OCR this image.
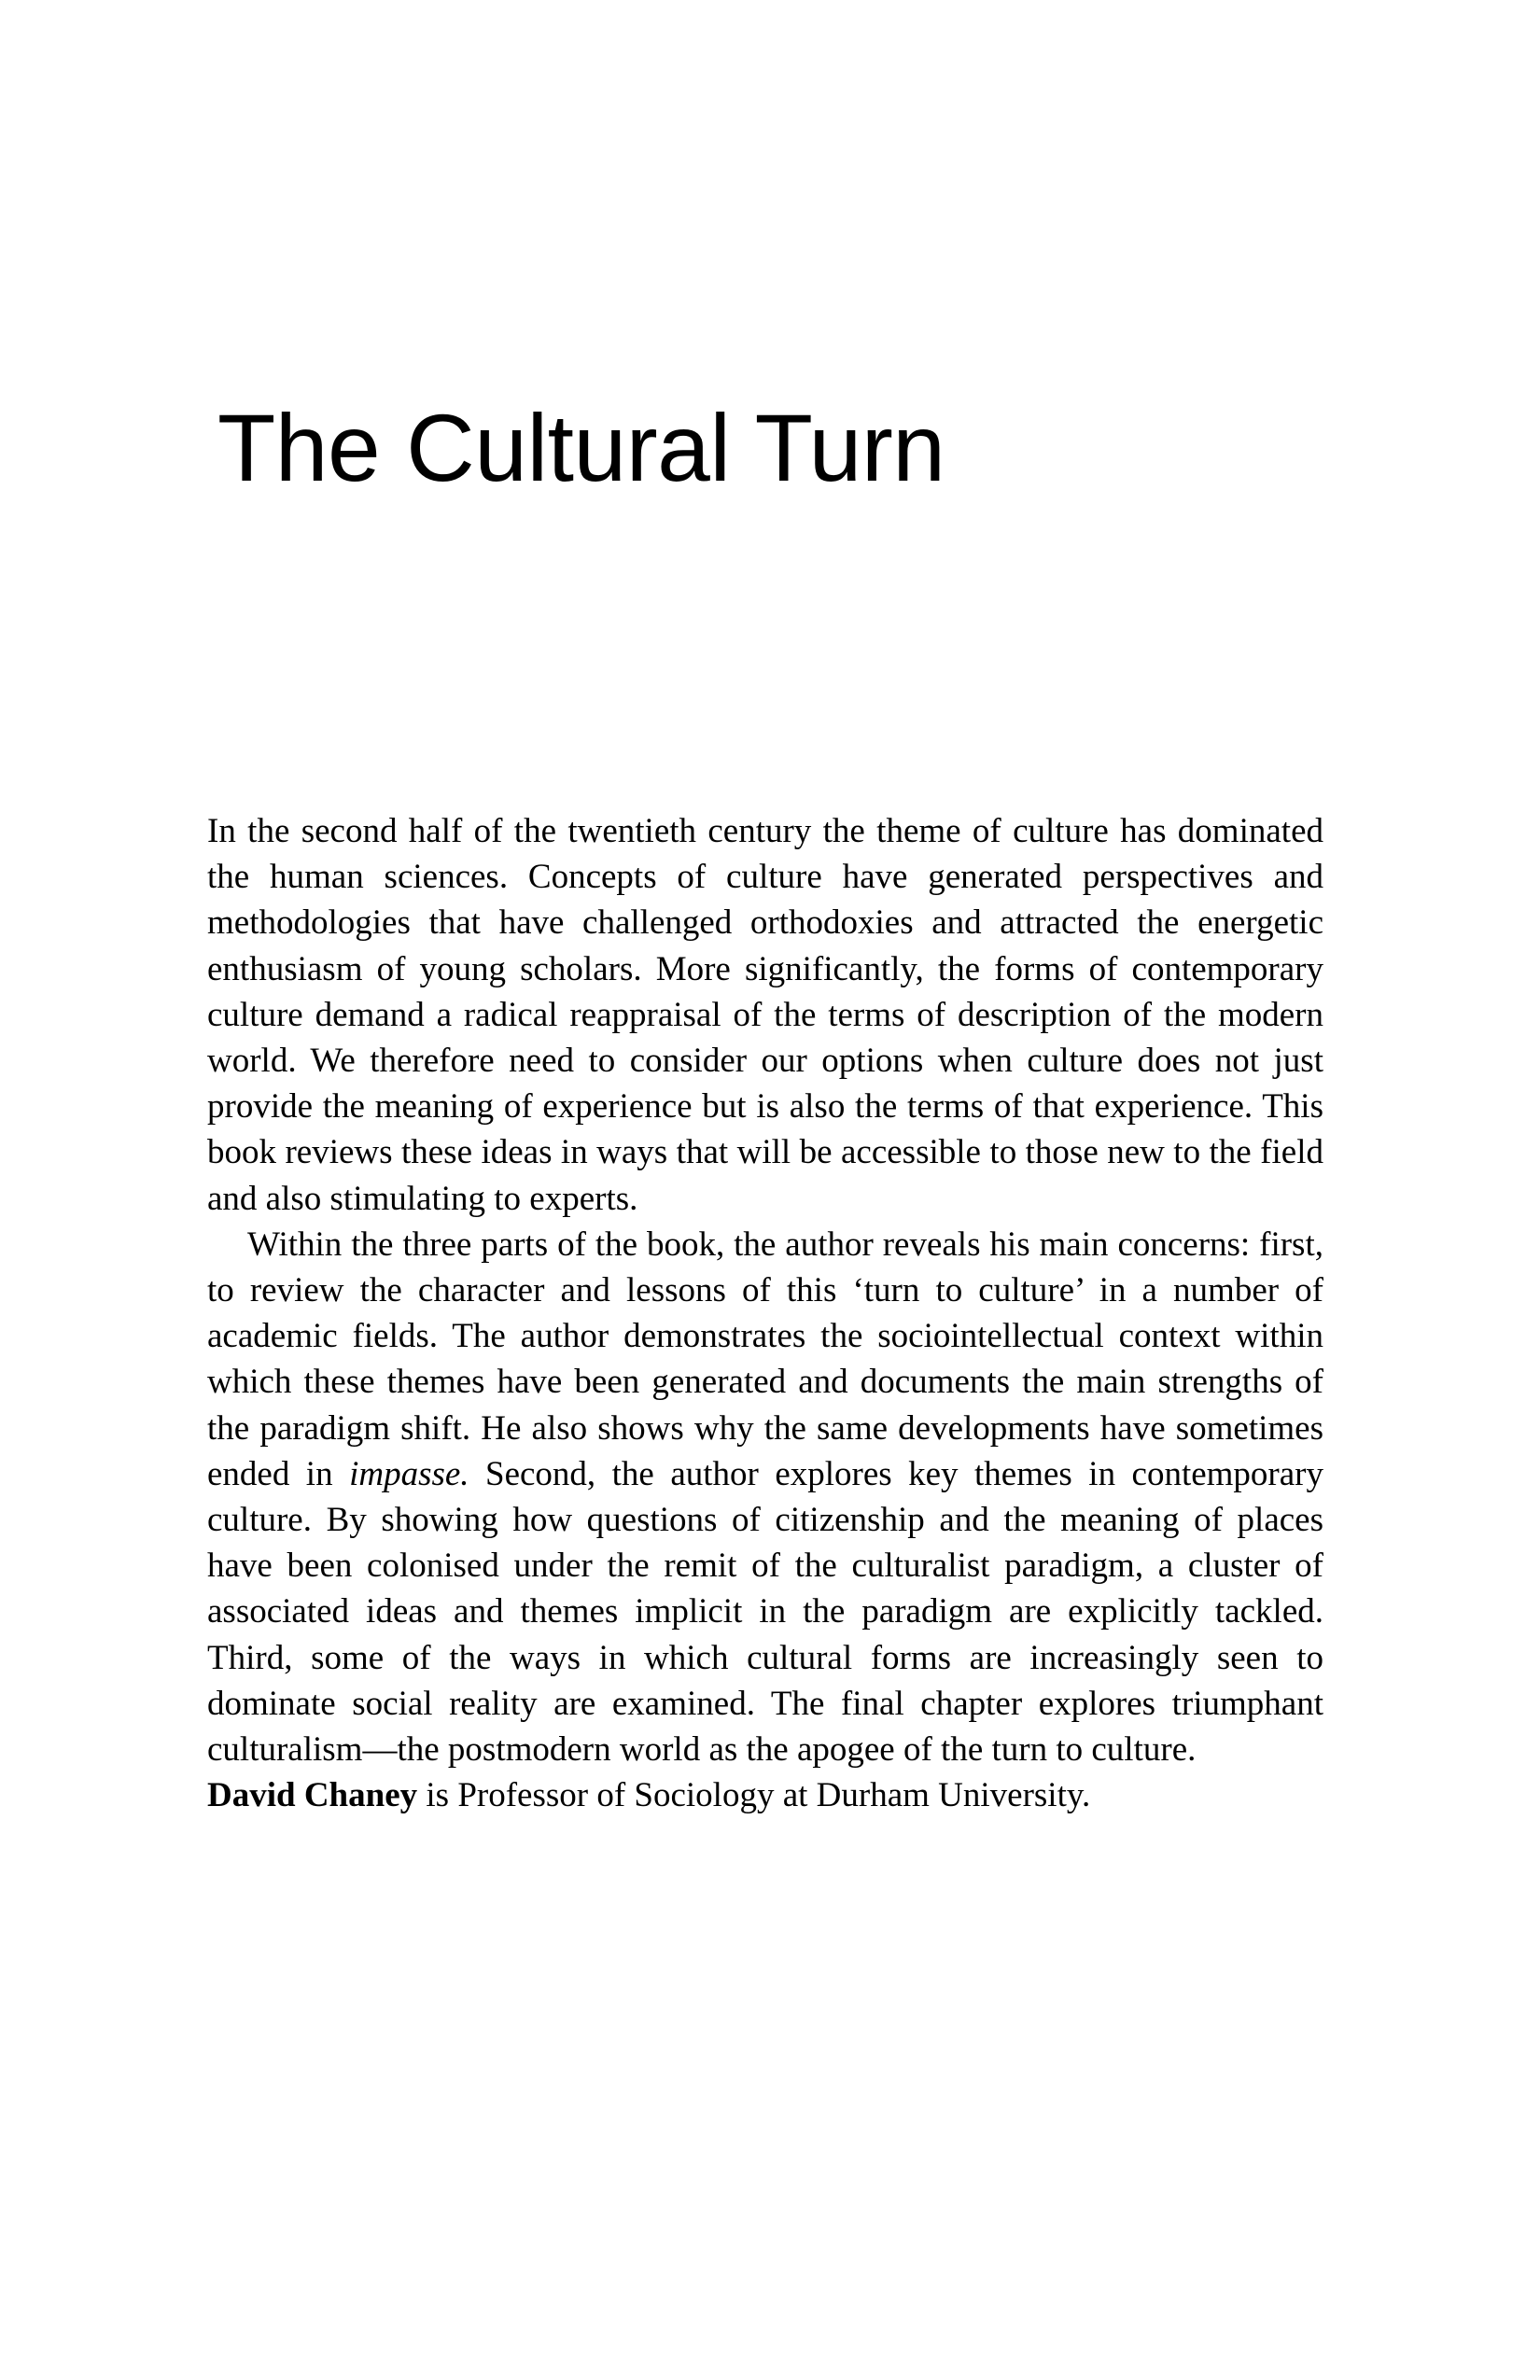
The Cultural Turn

In the second half of the twentieth century the theme of culture has dominated the human sciences. Concepts of culture have generated perspectives and methodologies that have challenged orthodoxies and attracted the energetic enthusiasm of young scholars. More significantly, the forms of contemporary culture demand a radical reappraisal of the terms of description of the modern world. We therefore need to consider our options when culture does not just provide the meaning of experience but is also the terms of that experience. This book reviews these ideas in ways that will be accessible to those new to the field and also stimulating to experts.

Within the three parts of the book, the author reveals his main concerns: first, to review the character and lessons of this ‘turn to culture’ in a number of academic fields. The author demonstrates the sociointellectual context within which these themes have been generated and documents the main strengths of the paradigm shift. He also shows why the same developments have sometimes ended in impasse. Second, the author explores key themes in contemporary culture. By showing how questions of citizenship and the meaning of places have been colonised under the remit of the culturalist paradigm, a cluster of associated ideas and themes implicit in the paradigm are explicitly tackled. Third, some of the ways in which cultural forms are increasingly seen to dominate social reality are examined. The final chapter explores triumphant culturalism—the postmodern world as the apogee of the turn to culture.

David Chaney is Professor of Sociology at Durham University.
